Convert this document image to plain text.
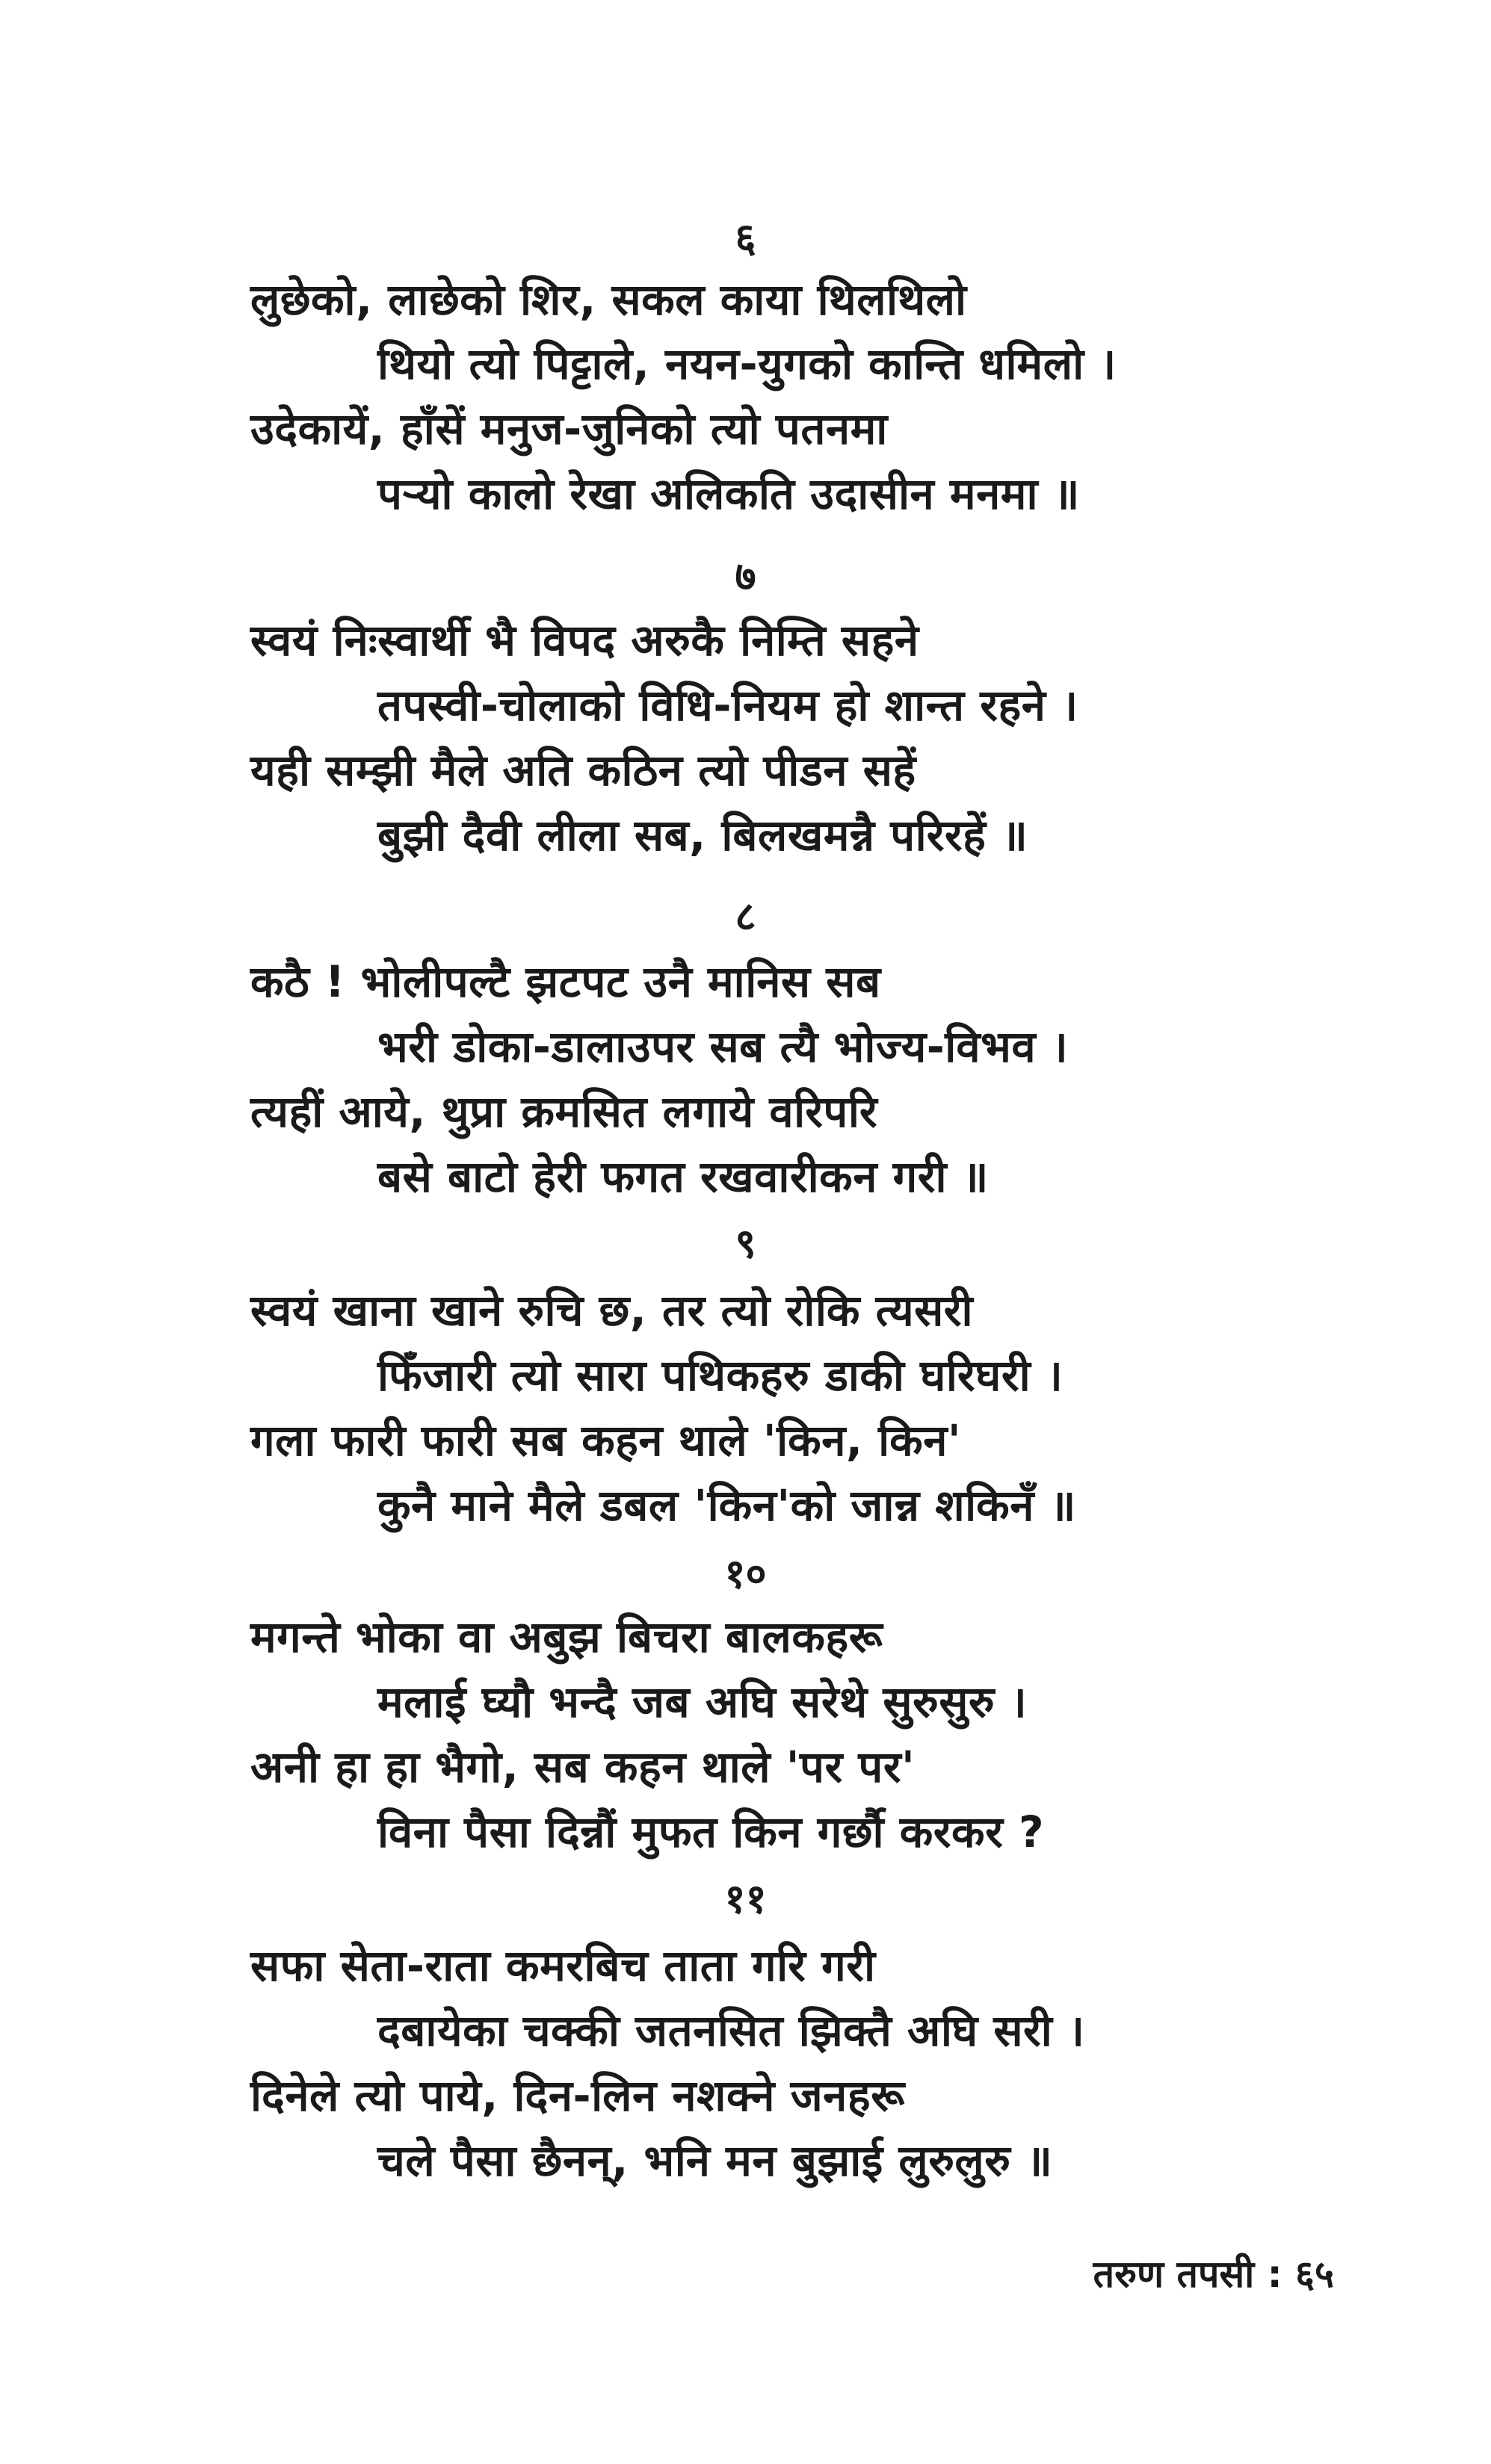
६
लुछेको, लाछेको शिर, सकल काया थिलथिलो
थियो त्यो पिट्टाले, नयन-युगको कान्ति धमिलो ।
उदेकायें, हाँसें मनुज-जुनिको त्यो पतनमा
पऱ्यो कालो रेखा अलिकति उदासीन मनमा ॥
७
स्वयं निःस्वार्थी भै विपद अरुकै निम्ति सहने
तपस्वी-चोलाको विधि-नियम हो शान्त रहने ।
यही सम्झी मैले अति कठिन त्यो पीडन सहें
बुझी दैवी लीला सब, बिलखमन्नै परिरहें ॥
८
कठै ! भोलीपल्टै झटपट उनै मानिस सब
भरी डोका-डालाउपर सब त्यै भोज्य-विभव ।
त्यहीं आये, थुप्रा क्रमसित लगाये वरिपरि
बसे बाटो हेरी फगत रखवारीकन गरी ॥
९
स्वयं खाना खाने रुचि छ, तर त्यो रोकि त्यसरी
फिँजारी त्यो सारा पथिकहरु डाकी घरिघरी ।
गला फारी फारी सब कहन थाले 'किन, किन'
कुनै माने मैले डबल 'किन'को जान्न शकिनँ ॥
१०
मगन्ते भोका वा अबुझ बिचरा बालकहरू
मलाई घ्यौ भन्दै जब अघि सरेथे सुरुसुरु ।
अनी हा हा भैगो, सब कहन थाले 'पर पर'
विना पैसा दिन्नौं मुफत किन गर्छौ करकर ?
११
सफा सेता-राता कमरबिच ताता गरि गरी
दबायेका चक्की जतनसित झिक्तै अघि सरी ।
दिनेले त्यो पाये, दिन-लिन नशक्ने जनहरू
चले पैसा छैनन्, भनि मन बुझाई लुरुलुरु ॥
तरुण तपसी : ६५
